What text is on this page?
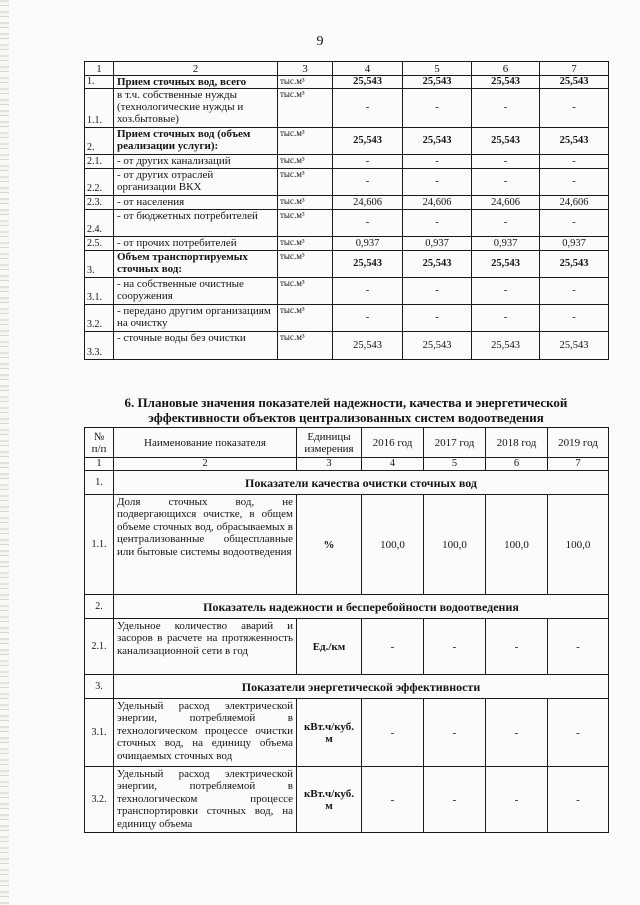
9
1	2	3	4	5	6	7
1.	Прием сточных вод, всего	тыс.м³	25,543	25,543	25,543	25,543
1.1.	в т.ч. собственные нужды (технологические нужды и хоз.бытовые)	тыс.м³	-	-	-	-
2.	Прием сточных вод (объем реализации услуги):	тыс.м³	25,543	25,543	25,543	25,543
2.1.	- от других канализаций	тыс.м³	-	-	-	-
2.2.	- от других отраслей организации ВКХ	тыс.м³	-	-	-	-
2.3.	- от населения	тыс.м³	24,606	24,606	24,606	24,606
2.4.	- от бюджетных потребителей	тыс.м³	-	-	-	-
2.5.	- от прочих потребителей	тыс.м³	0,937	0,937	0,937	0,937
3.	Объем транспортируемых сточных вод:	тыс.м³	25,543	25,543	25,543	25,543
3.1.	- на собственные очистные сооружения	тыс.м³	-	-	-	-
3.2.	- передано другим организациям на очистку	тыс.м³	-	-	-	-
3.3.	- сточные воды без очистки	тыс.м³	25,543	25,543	25,543	25,543
6. Плановые значения показателей надежности, качества и энергетической
эффективности объектов централизованных систем водоотведения
№ п/п	Наименование показателя	Единицы измерения	2016 год	2017 год	2018 год	2019 год
1	2	3	4	5	6	7
1.	Показатели качества очистки сточных вод					
1.1.	Доля сточных вод, не подвергающихся очистке, в общем объеме сточных вод, обрасываемых в централизованные общесплавные или бытовые системы водоотведения	%	100,0	100,0	100,0	100,0
2.	Показатель надежности и бесперебойности водоотведения					
2.1.	Удельное количество аварий и засоров в расчете на протяженность канализационной сети в год	Ед./км	-	-	-	-
3.	Показатели энергетической эффективности					
3.1.	Удельный расход электрической энергии, потребляемой в технологическом процессе очистки сточных вод, на единицу объема очищаемых сточных вод	кВт.ч/куб. м	-	-	-	-
3.2.	Удельный расход электрической энергии, потребляемой в технологическом процессе транспортировки сточных вод, на единицу объема	кВт.ч/куб. м	-	-	-	-
